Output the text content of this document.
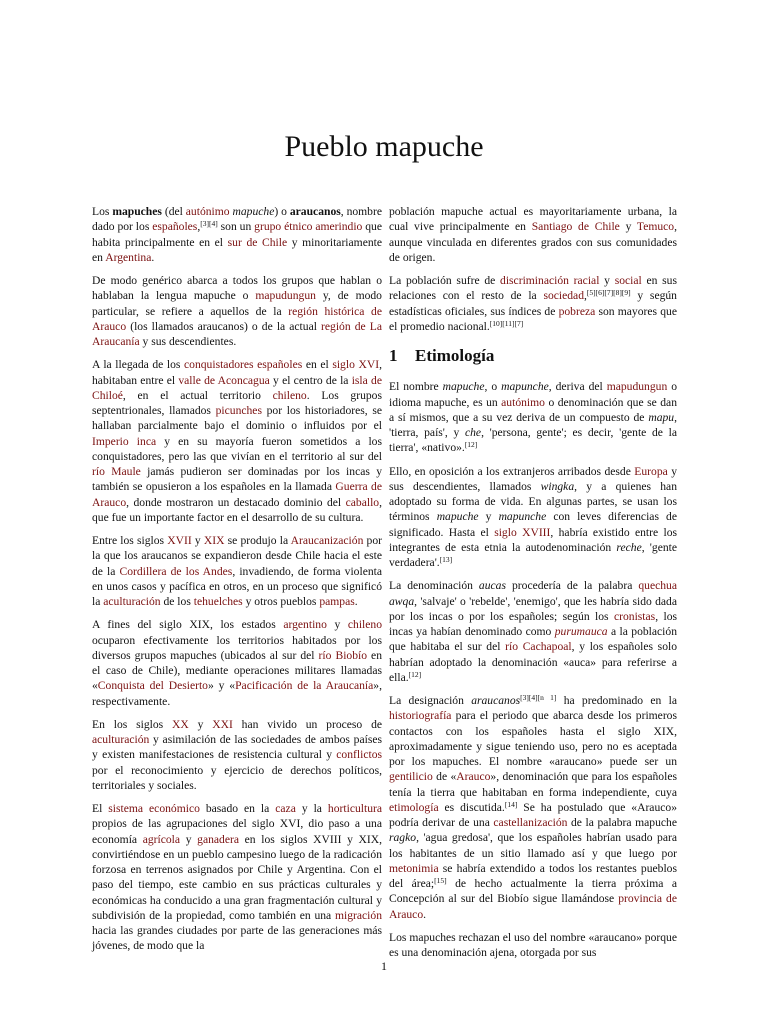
Pueblo mapuche

Los mapuches (del autónimo mapuche) o araucanos, nombre dado por los españoles,[3][4] son un grupo étnico amerindio que habita principalmente en el sur de Chile y minoritariamente en Argentina.

De modo genérico abarca a todos los grupos que hablan o hablaban la lengua mapuche o mapudungun y, de modo particular, se refiere a aquellos de la región histórica de Arauco (los llamados araucanos) o de la actual región de La Araucanía y sus descendientes.

A la llegada de los conquistadores españoles en el siglo XVI, habitaban entre el valle de Aconcagua y el centro de la isla de Chiloé, en el actual territorio chileno. Los grupos septentrionales, llamados picunches por los historiadores, se hallaban parcialmente bajo el dominio o influidos por el Imperio inca y en su mayoría fueron sometidos a los conquistadores, pero las que vivían en el territorio al sur del río Maule jamás pudieron ser dominadas por los incas y también se opusieron a los españoles en la llamada Guerra de Arauco, donde mostraron un destacado dominio del caballo, que fue un importante factor en el desarrollo de su cultura.

Entre los siglos XVII y XIX se produjo la Araucanización por la que los araucanos se expandieron desde Chile hacia el este de la Cordillera de los Andes, invadiendo, de forma violenta en unos casos y pacífica en otros, en un proceso que significó la aculturación de los tehuelches y otros pueblos pampas.

A fines del siglo XIX, los estados argentino y chileno ocuparon efectivamente los territorios habitados por los diversos grupos mapuches (ubicados al sur del río Biobío en el caso de Chile), mediante operaciones militares llamadas «Conquista del Desierto» y «Pacificación de la Araucanía», respectivamente.

En los siglos XX y XXI han vivido un proceso de aculturación y asimilación de las sociedades de ambos países y existen manifestaciones de resistencia cultural y conflictos por el reconocimiento y ejercicio de derechos políticos, territoriales y sociales.

El sistema económico basado en la caza y la horticultura propios de las agrupaciones del siglo XVI, dio paso a una economía agrícola y ganadera en los siglos XVIII y XIX, convirtiéndose en un pueblo campesino luego de la radicación forzosa en terrenos asignados por Chile y Argentina. Con el paso del tiempo, este cambio en sus prácticas culturales y económicas ha conducido a una gran fragmentación cultural y subdivisión de la propiedad, como también en una migración hacia las grandes ciudades por parte de las generaciones más jóvenes, de modo que la

población mapuche actual es mayoritariamente urbana, la cual vive principalmente en Santiago de Chile y Temuco, aunque vinculada en diferentes grados con sus comunidades de origen.

La población sufre de discriminación racial y social en sus relaciones con el resto de la sociedad,[5][6][7][8][9] y según estadísticas oficiales, sus índices de pobreza son mayores que el promedio nacional.[10][11][7]

1 Etimología

El nombre mapuche, o mapunche, deriva del mapudungun o idioma mapuche, es un autónimo o denominación que se dan a sí mismos, que a su vez deriva de un compuesto de mapu, 'tierra, país', y che, 'persona, gente'; es decir, 'gente de la tierra', «nativo».[12]

Ello, en oposición a los extranjeros arribados desde Europa y sus descendientes, llamados wingka, y a quienes han adoptado su forma de vida. En algunas partes, se usan los términos mapuche y mapunche con leves diferencias de significado. Hasta el siglo XVIII, habría existido entre los integrantes de esta etnia la autodenominación reche, 'gente verdadera'.[13]

La denominación aucas procedería de la palabra quechua awqa, 'salvaje' o 'rebelde', 'enemigo', que les habría sido dada por los incas o por los españoles; según los cronistas, los incas ya habían denominado como purumauca a la población que habitaba el sur del río Cachapoal, y los españoles solo habrían adoptado la denominación «auca» para referirse a ella.[12]

La designación araucanos[3][4][n 1] ha predominado en la historiografía para el periodo que abarca desde los primeros contactos con los españoles hasta el siglo XIX, aproximadamente y sigue teniendo uso, pero no es aceptada por los mapuches. El nombre «araucano» puede ser un gentilicio de «Arauco», denominación que para los españoles tenía la tierra que habitaban en forma independiente, cuya etimología es discutida.[14] Se ha postulado que «Arauco» podría derivar de una castellanización de la palabra mapuche ragko, 'agua gredosa', que los españoles habrían usado para los habitantes de un sitio llamado así y que luego por metonimia se habría extendido a todos los restantes pueblos del área;[15] de hecho actualmente la tierra próxima a Concepción al sur del Biobío sigue llamándose provincia de Arauco.

Los mapuches rechazan el uso del nombre «araucano» porque es una denominación ajena, otorgada por sus

1
